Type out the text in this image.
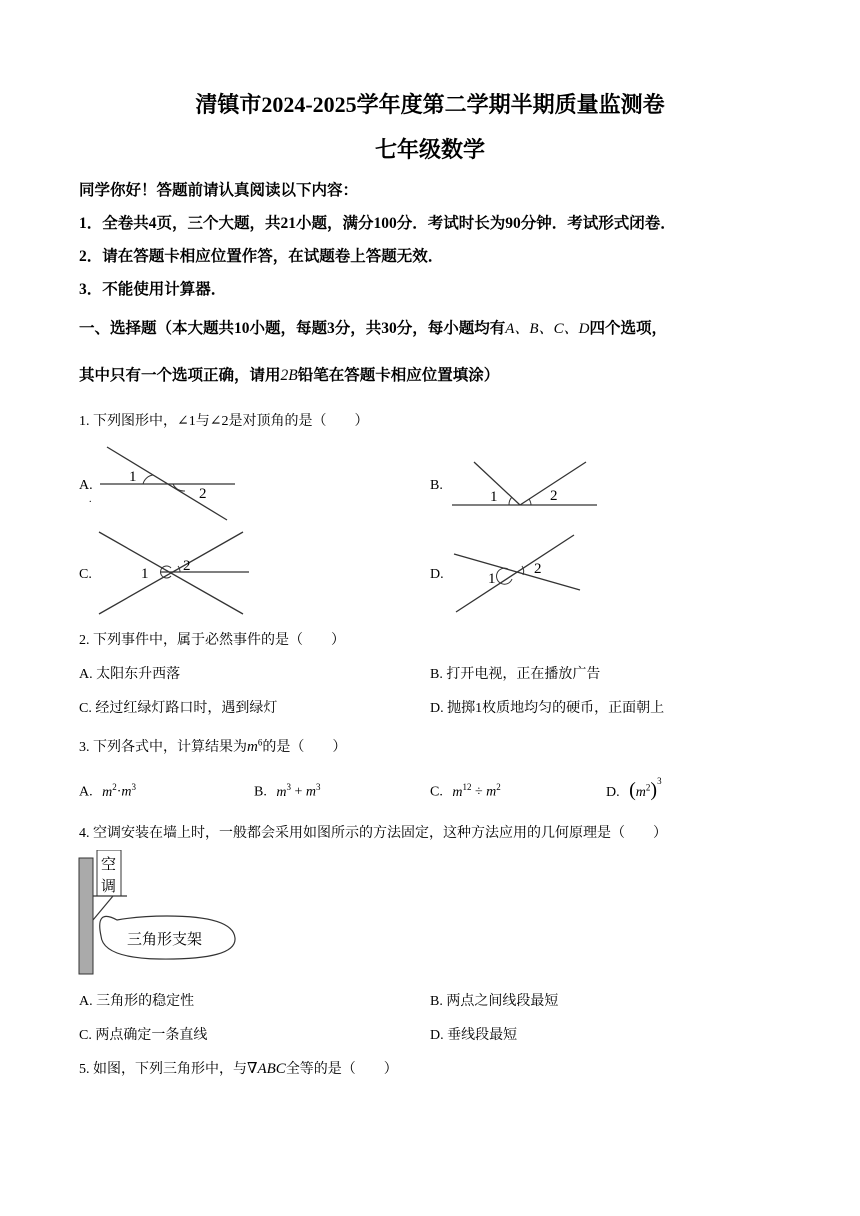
清镇市2024-2025学年度第二学期半期质量监测卷
七年级数学
同学你好！答题前请认真阅读以下内容：
1．全卷共4页，三个大题，共21小题，满分100分．考试时长为90分钟．考试形式闭卷．
2．请在答题卡相应位置作答，在试题卷上答题无效．
3．不能使用计算器．
一、选择题（本大题共10小题，每题3分，共30分，每小题均有A、B、C、D四个选项，
其中只有一个选项正确，请用2B铅笔在答题卡相应位置填涂）
1. 下列图形中，∠1与∠2是对顶角的是（　　）
A.
1
2
.
B.
1	2
C.	1 2
D.	1
2
2. 下列事件中，属于必然事件的是（　　）
A. 太阳东升西落	B. 打开电视，正在播放广告
C. 经过红绿灯路口时，遇到绿灯	D. 抛掷1枚质地均匀的硬币，正面朝上
3. 下列各式中，计算结果为$m^6$的是（　　）
A. $m^2\cdot m^3$	B. $m^3 + m^3$	C. $m^{12} \div m^2$	D. $(m^2)^3$
4. 空调安装在墙上时，一般都会采用如图所示的方法固定，这种方法应用的几何原理是（　　）
空
调
三角形支架
A. 三角形的稳定性	B. 两点之间线段最短
C. 两点确定一条直线	D. 垂线段最短
5. 如图，下列三角形中，与∇ABC全等的是（　　）
